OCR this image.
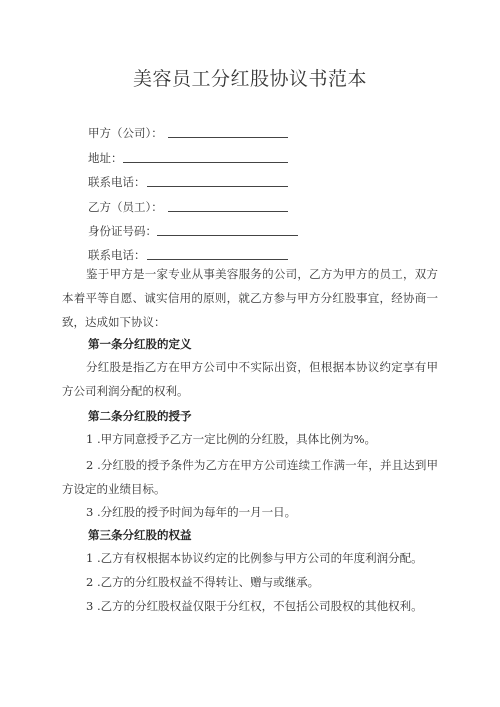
美容员工分红股协议书范本
甲方（公司）：
地址：
联系电话：
乙方（员工）：
身份证号码：
联系电话：
鉴于甲方是一家专业从事美容服务的公司，乙方为甲方的员工，双方本着平等自愿、诚实信用的原则，就乙方参与甲方分红股事宜，经协商一致，达成如下协议：
第一条分红股的定义
分红股是指乙方在甲方公司中不实际出资，但根据本协议约定享有甲方公司利润分配的权利。
第二条分红股的授予
1 .甲方同意授予乙方一定比例的分红股，具体比例为%。
2 .分红股的授予条件为乙方在甲方公司连续工作满一年，并且达到甲方设定的业绩目标。
3 .分红股的授予时间为每年的一月一日。
第三条分红股的权益
1 .乙方有权根据本协议约定的比例参与甲方公司的年度利润分配。
2 .乙方的分红股权益不得转让、赠与或继承。
3 .乙方的分红股权益仅限于分红权，不包括公司股权的其他权利。
